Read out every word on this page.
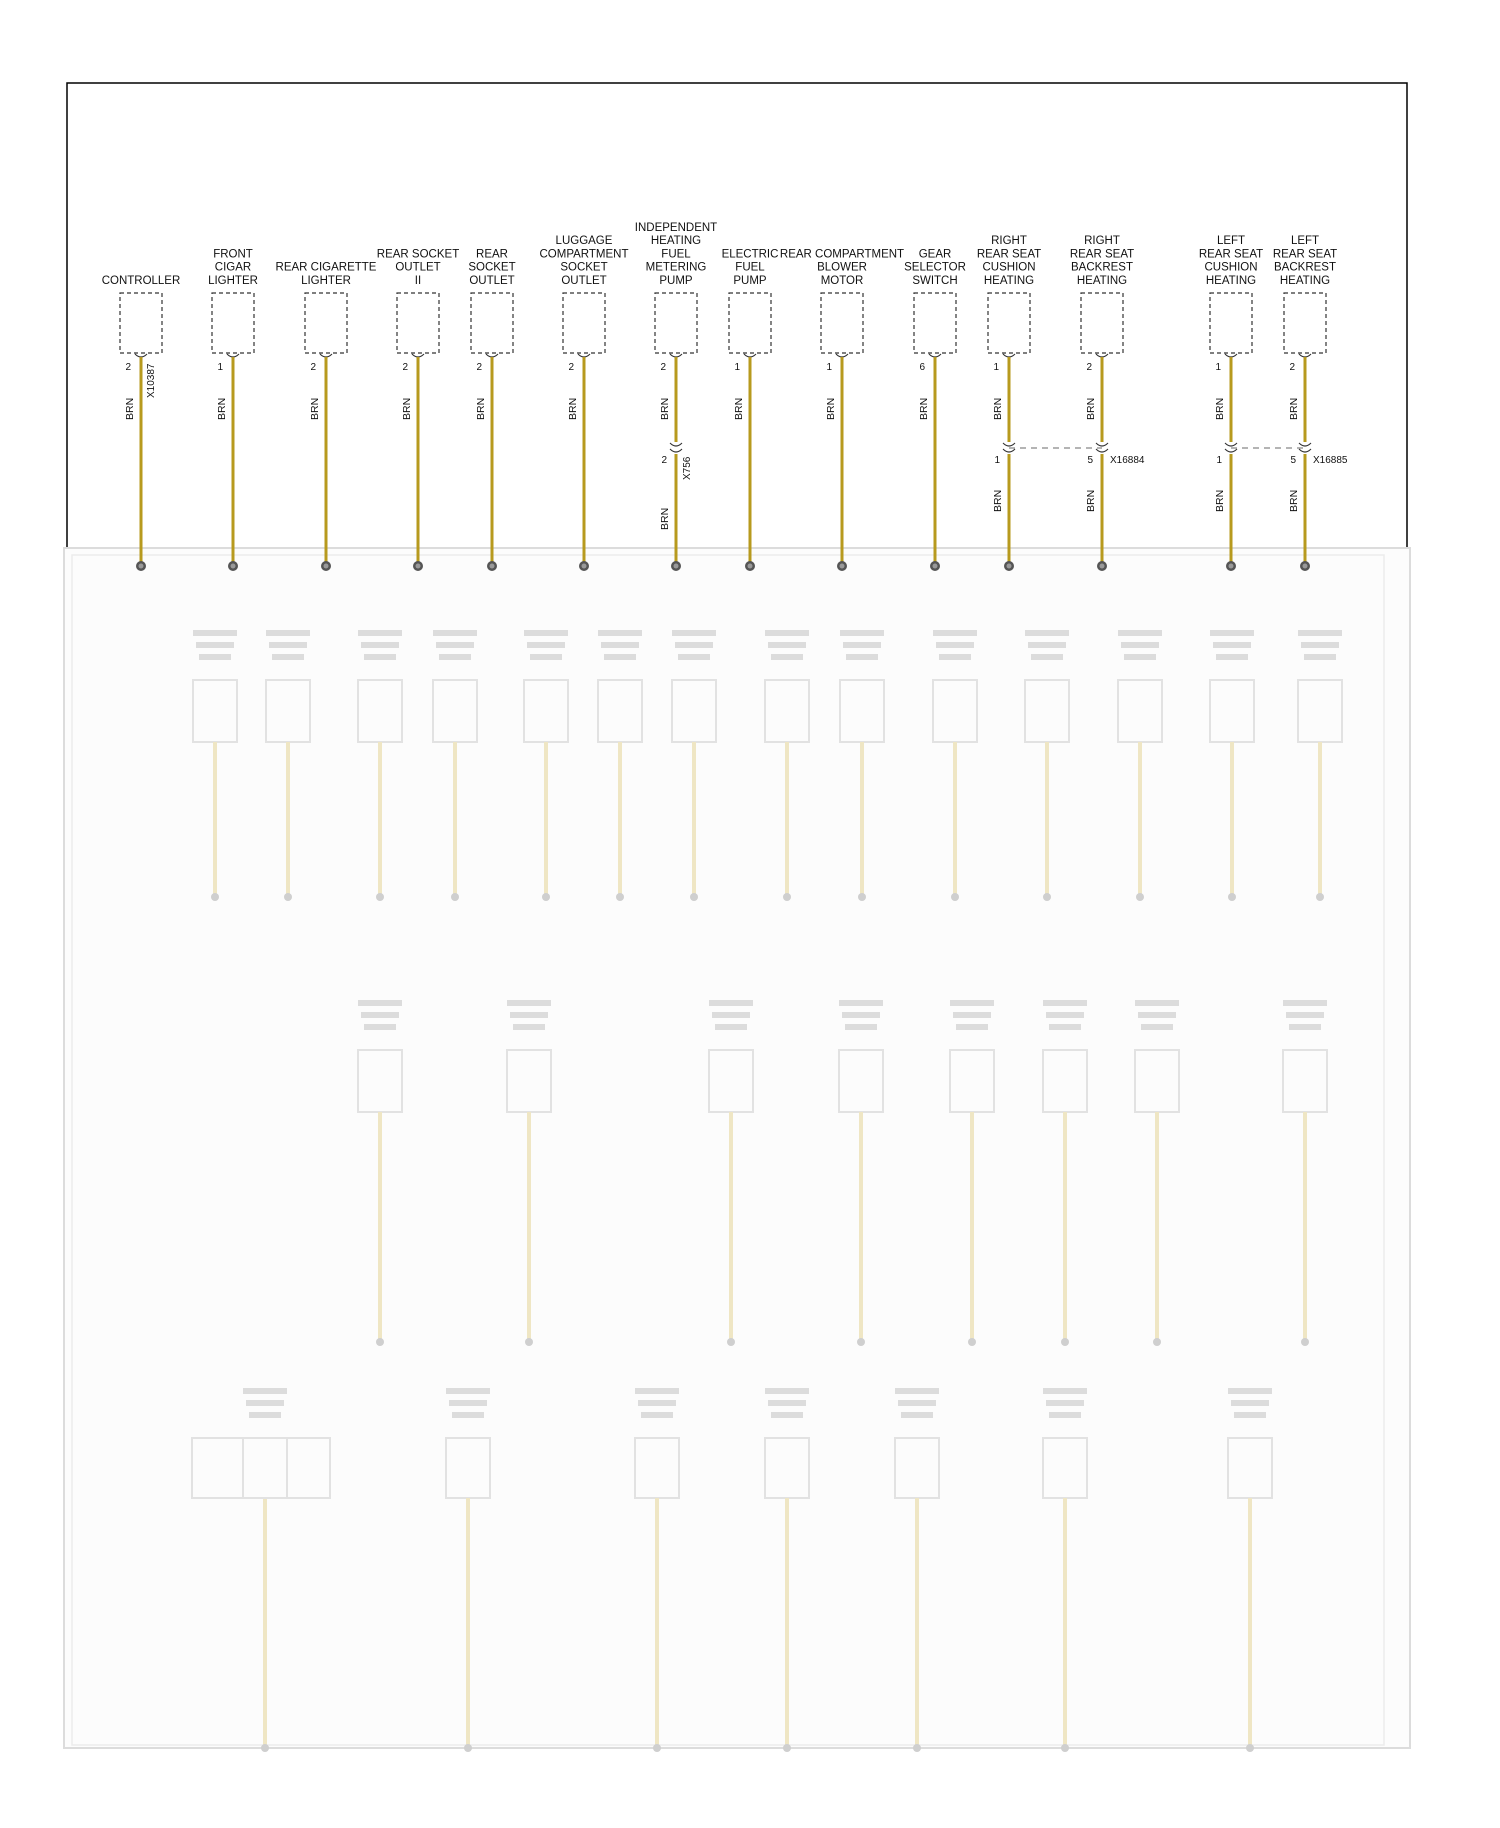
CONTROLLER
2 X10387
BRN
FRONT
CIGAR
LIGHTER
1
BRN
REAR CIGARETTE
LIGHTER
2
BRN
REAR SOCKET
OUTLET
II
2
BRN
REAR
SOCKET
OUTLET
2
BRN
LUGGAGE
COMPARTMENT
SOCKET
OUTLET
2
BRN
INDEPENDENT
HEATING
FUEL
METERING
PUMP
2
2 X756
BRN
BRN
ELECTRIC
FUEL
PUMP
1
BRN
REAR COMPARTMENT
BLOWER
MOTOR
1
BRN
GEAR
SELECTOR
SWITCH
6
BRN
RIGHT
REAR SEAT
CUSHION
HEATING
1
1
BRN
BRN
RIGHT
REAR SEAT
BACKREST
HEATING
2
5 X16884
BRN
BRN
LEFT
REAR SEAT
CUSHION
HEATING
1
1
BRN
BRN
LEFT
REAR SEAT
BACKREST
HEATING
2
5 X16885
BRN
BRN
